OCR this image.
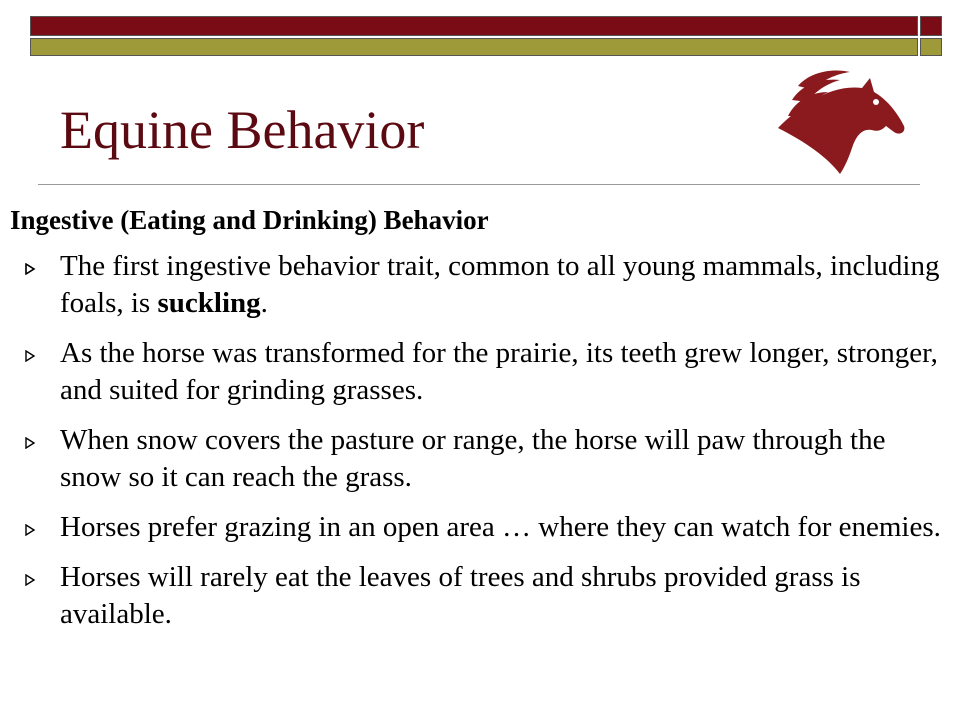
Equine Behavior
Ingestive (Eating and Drinking) Behavior
The first ingestive behavior trait, common to all young mammals, including foals, is suckling.
As the horse was transformed for the prairie, its teeth grew longer, stronger, and suited for grinding grasses.
When snow covers the pasture or range, the horse will paw through the snow so it can reach the grass.
Horses prefer grazing in an open area … where they can watch for enemies.
Horses will rarely eat the leaves of trees and shrubs provided grass is available.
